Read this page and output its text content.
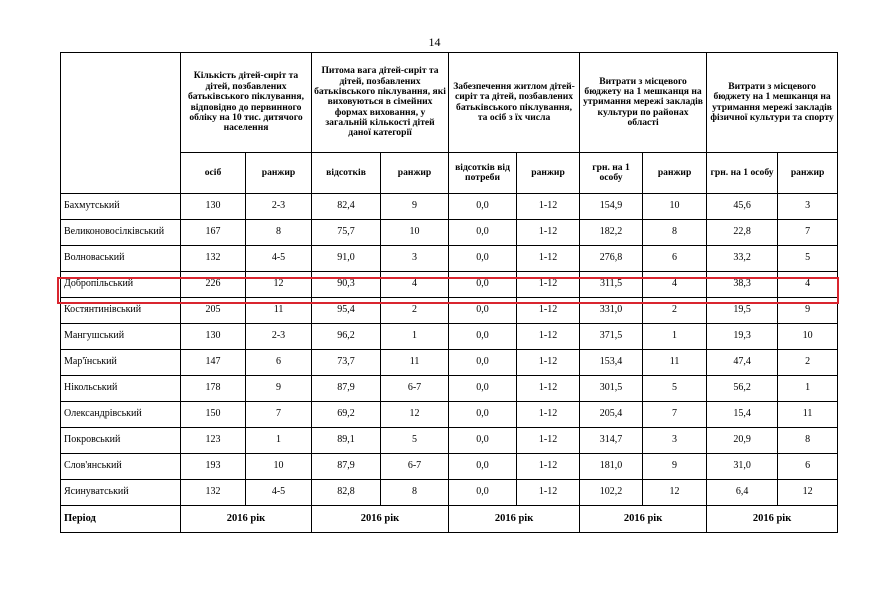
14
	Кількість дітей-сиріт та дітей, позбавлених батьківського піклування, відповідно до первинного обліку на 10 тис. дитячого населення		Питома вага дітей-сиріт та дітей, позбавлених батьківського піклування, які виховуються в сімейних формах виховання, у загальній кількості дітей даної категорії		Забезпечення житлом дітей-сиріт та дітей, позбавлених батьківського піклування, та осіб з їх числа		Витрати з місцевого бюджету на 1 мешканця на утримання мережі закладів культури по районах області		Витрати з місцевого бюджету на 1 мешканця на утримання мережі закладів фізичної культури та спорту	
	осіб	ранжир	відсотків	ранжир	відсотків від потреби	ранжир	грн. на 1 особу	ранжир	грн. на 1 особу	ранжир
Бахмутський	130	2-3	82,4	9	0,0	1-12	154,9	10	45,6	3
Великоновосілківський	167	8	75,7	10	0,0	1-12	182,2	8	22,8	7
Волноваський	132	4-5	91,0	3	0,0	1-12	276,8	6	33,2	5
Добропільський	226	12	90,3	4	0,0	1-12	311,5	4	38,3	4
Костянтинівський	205	11	95,4	2	0,0	1-12	331,0	2	19,5	9
Мангушський	130	2-3	96,2	1	0,0	1-12	371,5	1	19,3	10
Мар'їнський	147	6	73,7	11	0,0	1-12	153,4	11	47,4	2
Нікольський	178	9	87,9	6-7	0,0	1-12	301,5	5	56,2	1
Олександрівський	150	7	69,2	12	0,0	1-12	205,4	7	15,4	11
Покровський	123	1	89,1	5	0,0	1-12	314,7	3	20,9	8
Слов'янський	193	10	87,9	6-7	0,0	1-12	181,0	9	31,0	6
Ясинуватський	132	4-5	82,8	8	0,0	1-12	102,2	12	6,4	12
Період	2016 рік		2016 рік		2016 рік		2016 рік		2016 рік	
